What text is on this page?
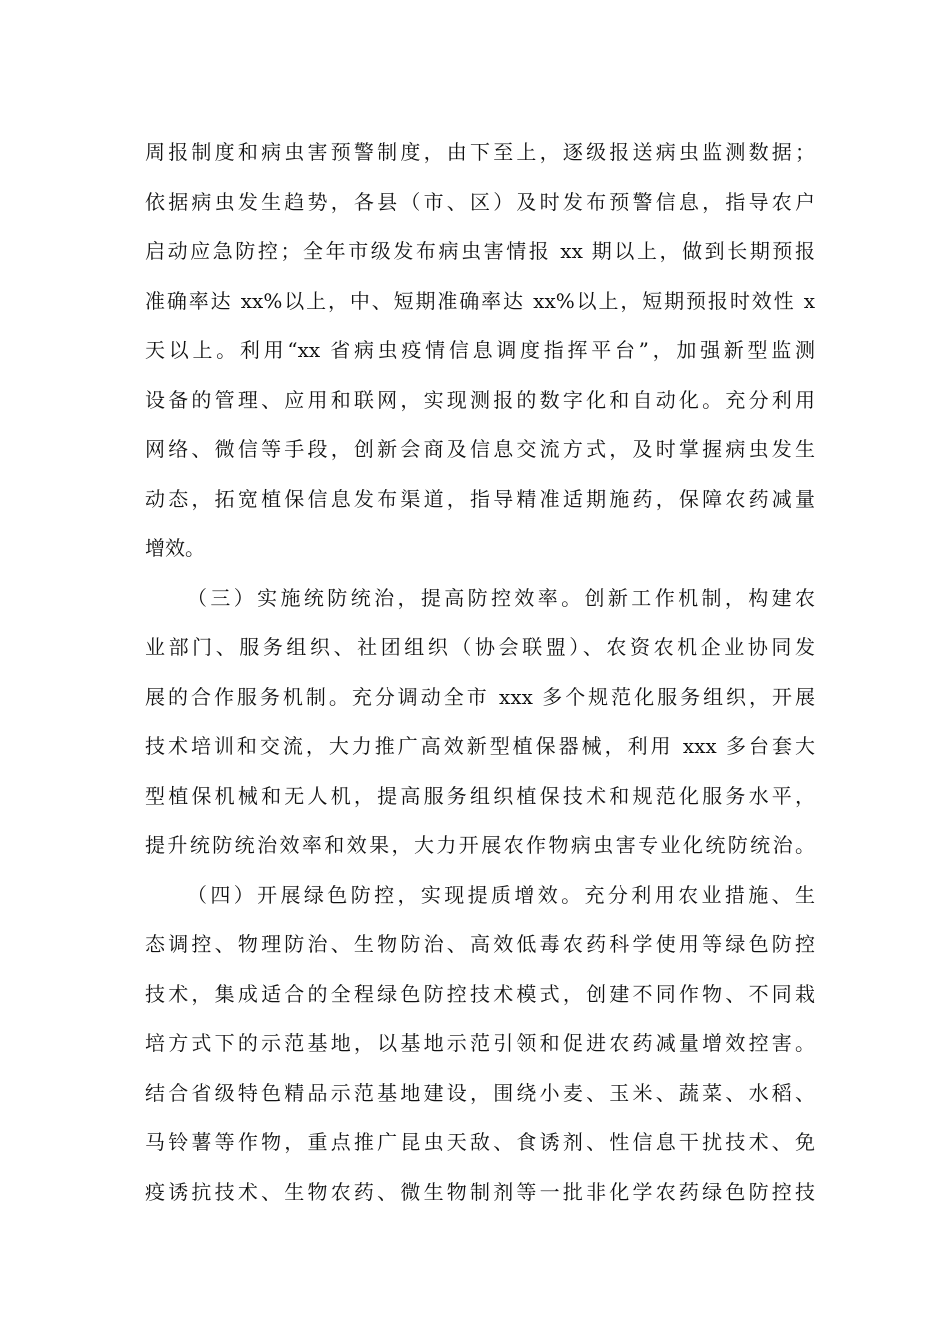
周报制度和病虫害预警制度，由下至上，逐级报送病虫监测数据；
依据病虫发生趋势，各县（市、区）及时发布预警信息，指导农户
启动应急防控；全年市级发布病虫害情报 xx 期以上，做到长期预报
准确率达 xx%以上，中、短期准确率达 xx%以上，短期预报时效性 x
天以上。利用“xx 省病虫疫情信息调度指挥平台”，加强新型监测
设备的管理、应用和联网，实现测报的数字化和自动化。充分利用
网络、微信等手段，创新会商及信息交流方式，及时掌握病虫发生
动态，拓宽植保信息发布渠道，指导精准适期施药，保障农药减量
增效。
（三）实施统防统治，提高防控效率。创新工作机制，构建农
业部门、服务组织、社团组织（协会联盟）、农资农机企业协同发
展的合作服务机制。充分调动全市 xxx 多个规范化服务组织，开展
技术培训和交流，大力推广高效新型植保器械，利用 xxx 多台套大
型植保机械和无人机，提高服务组织植保技术和规范化服务水平，
提升统防统治效率和效果，大力开展农作物病虫害专业化统防统治。
（四）开展绿色防控，实现提质增效。充分利用农业措施、生
态调控、物理防治、生物防治、高效低毒农药科学使用等绿色防控
技术，集成适合的全程绿色防控技术模式，创建不同作物、不同栽
培方式下的示范基地，以基地示范引领和促进农药减量增效控害。
结合省级特色精品示范基地建设，围绕小麦、玉米、蔬菜、水稻、
马铃薯等作物，重点推广昆虫天敌、食诱剂、性信息干扰技术、免
疫诱抗技术、生物农药、微生物制剂等一批非化学农药绿色防控技
